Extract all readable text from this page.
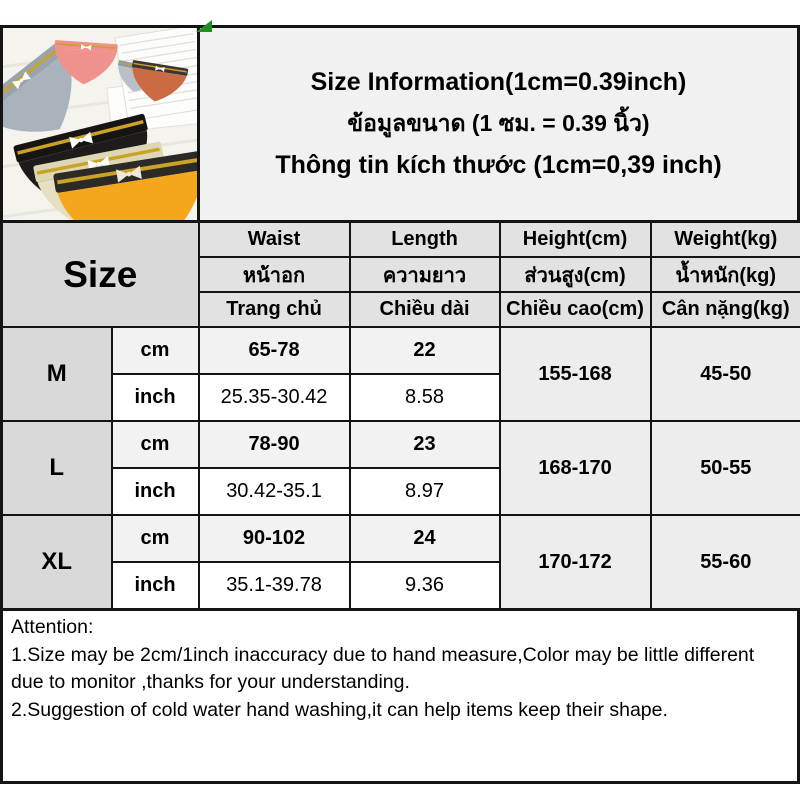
Size Information(1cm=0.39inch)
ข้อมูลขนาด (1 ซม. = 0.39 นิ้ว)
Thông tin kích thước (1cm=0,39 inch)
Size		Waist	Length	Height(cm)	Weight(kg)
		หน้าอก	ความยาว	ส่วนสูง(cm)	น้ำหนัก(kg)
		Trang chủ	Chiều dài	Chiều cao(cm)	Cân nặng(kg)
M	cm	65-78	22	155-168	45-50
	inch	25.35-30.42	8.58		
L	cm	78-90	23	168-170	50-55
	inch	30.42-35.1	8.97		
XL	cm	90-102	24	170-172	55-60
	inch	35.1-39.78	9.36		

Attention:

1.Size may be 2cm/1inch inaccuracy due to hand measure,Color may be little different due to monitor ,thanks for your understanding.

2.Suggestion of cold water hand washing,it can help items keep their shape.
